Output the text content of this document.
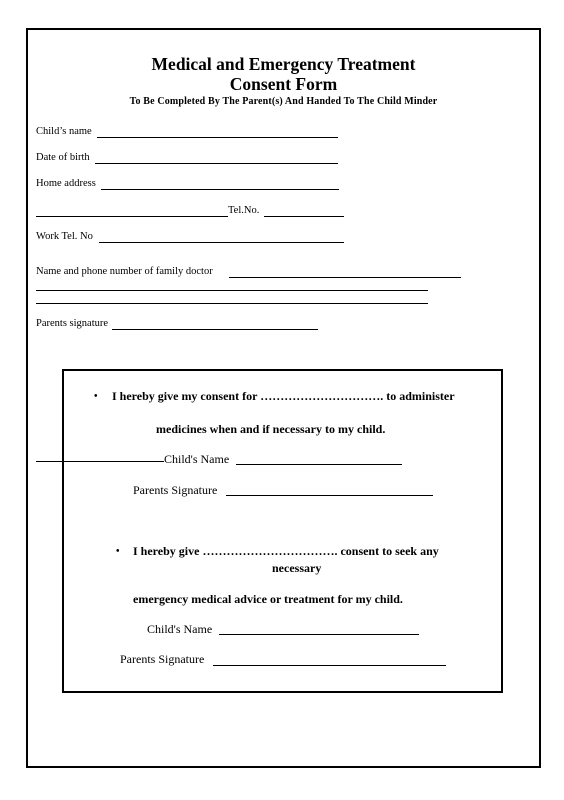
Medical and Emergency Treatment
Consent Form
To Be Completed By The Parent(s) And Handed To The Child Minder
Child’s name
Date of birth
Home address
Tel.No.
Work Tel. No
Name and phone number of family doctor
Parents signature
• I hereby give my consent for …………………………. to administer
medicines when and if necessary to my child.
Child's Name
Parents Signature
• I hereby give ……………………………. consent to seek any
necessary
emergency medical advice or treatment for my child.
Child's Name
Parents Signature
